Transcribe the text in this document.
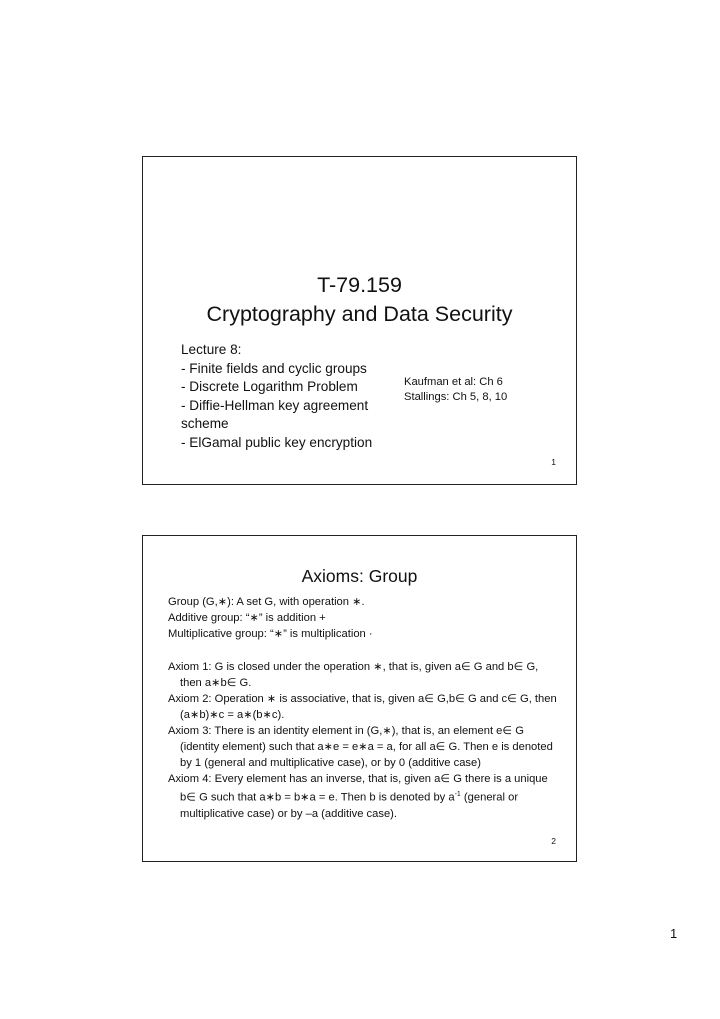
T-79.159
Cryptography and Data Security
Lecture 8:
- Finite fields and cyclic groups
- Discrete Logarithm Problem
- Diffie-Hellman key agreement scheme
- ElGamal public key encryption
Kaufman et al: Ch 6
Stallings: Ch 5, 8, 10
1
Axioms: Group

Group (G,∗): A set G, with operation ∗.

Additive group: “∗” is addition +

Multiplicative group: “∗” is multiplication ·

Axiom 1: G is closed under the operation ∗, that is, given a∈ G and b∈ G, then a∗b∈ G.

Axiom 2: Operation ∗ is associative, that is, given a∈ G,b∈ G and c∈ G, then (a∗b)∗c = a∗(b∗c).

Axiom 3: There is an identity element in (G,∗), that is, an element e∈ G (identity element) such that a∗e = e∗a = a, for all a∈ G. Then e is denoted by 1 (general and multiplicative case), or by 0 (additive case)

Axiom 4: Every element has an inverse, that is, given a∈ G there is a unique b∈ G such that a∗b = b∗a = e. Then b is denoted by $a^{-1}$ (general or multiplicative case) or by –a (additive case).

2
1
